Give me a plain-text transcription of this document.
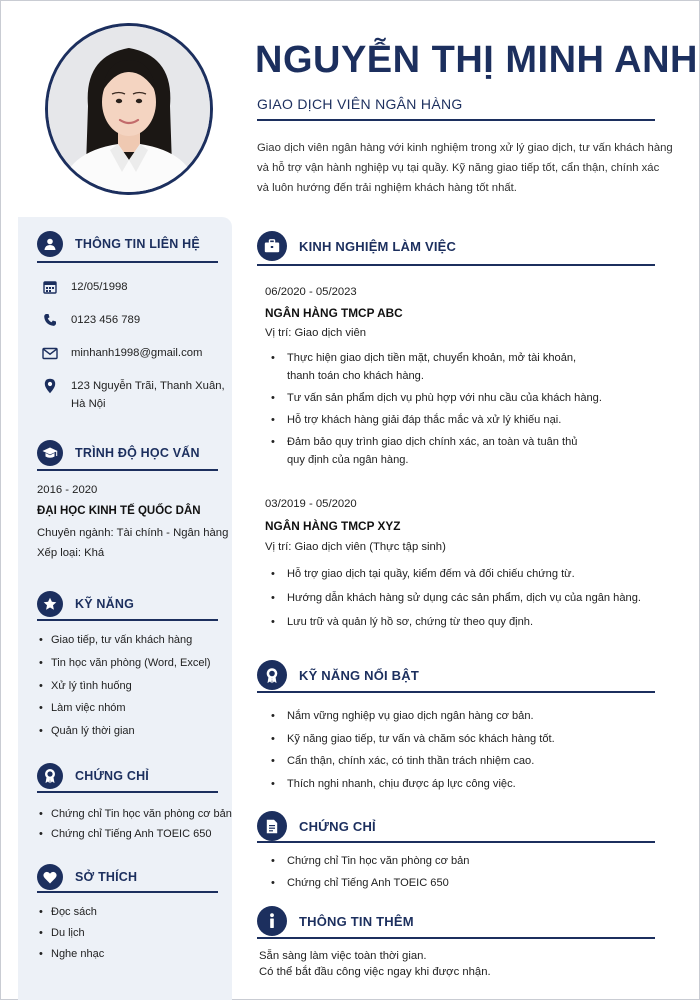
NGUYỄN THỊ MINH ANH
GIAO DỊCH VIÊN NGÂN HÀNG
Giao dịch viên ngân hàng với kinh nghiệm trong xử lý giao dịch, tư vấn khách hàng
và hỗ trợ vận hành nghiệp vụ tại quầy. Kỹ năng giao tiếp tốt, cẩn thận, chính xác
và luôn hướng đến trải nghiệm khách hàng tốt nhất.
THÔNG TIN LIÊN HỆ
12/05/1998
0123 456 789
minhanh1998@gmail.com
123 Nguyễn Trãi, Thanh Xuân,
Hà Nội
TRÌNH ĐỘ HỌC VẤN
2016 - 2020
ĐẠI HỌC KINH TẾ QUỐC DÂN
Chuyên ngành: Tài chính - Ngân hàng
Xếp loại: Khá
KỸ NĂNG
• Giao tiếp, tư vấn khách hàng
• Tin học văn phòng (Word, Excel)
• Xử lý tình huống
• Làm việc nhóm
• Quản lý thời gian
CHỨNG CHỈ
• Chứng chỉ Tin học văn phòng cơ bản
• Chứng chỉ Tiếng Anh TOEIC 650
SỞ THÍCH
• Đọc sách
• Du lịch
• Nghe nhạc
KINH NGHIỆM LÀM VIỆC
06/2020 - 05/2023
NGÂN HÀNG TMCP ABC
Vị trí: Giao dịch viên
• Thực hiện giao dịch tiền mặt, chuyển khoản, mở tài khoản,
thanh toán cho khách hàng.
• Tư vấn sản phẩm dịch vụ phù hợp với nhu cầu của khách hàng.
• Hỗ trợ khách hàng giải đáp thắc mắc và xử lý khiếu nại.
• Đảm bảo quy trình giao dịch chính xác, an toàn và tuân thủ
quy định của ngân hàng.
03/2019 - 05/2020
NGÂN HÀNG TMCP XYZ
Vị trí: Giao dịch viên (Thực tập sinh)
• Hỗ trợ giao dịch tại quầy, kiểm đếm và đối chiếu chứng từ.
• Hướng dẫn khách hàng sử dụng các sản phẩm, dịch vụ của ngân hàng.
• Lưu trữ và quản lý hồ sơ, chứng từ theo quy định.
KỸ NĂNG NỔI BẬT
• Nắm vững nghiệp vụ giao dịch ngân hàng cơ bản.
• Kỹ năng giao tiếp, tư vấn và chăm sóc khách hàng tốt.
• Cẩn thận, chính xác, có tinh thần trách nhiệm cao.
• Thích nghi nhanh, chịu được áp lực công việc.
CHỨNG CHỈ
• Chứng chỉ Tin học văn phòng cơ bản
• Chứng chỉ Tiếng Anh TOEIC 650
THÔNG TIN THÊM
Sẵn sàng làm việc toàn thời gian.
Có thể bắt đầu công việc ngay khi được nhận.
